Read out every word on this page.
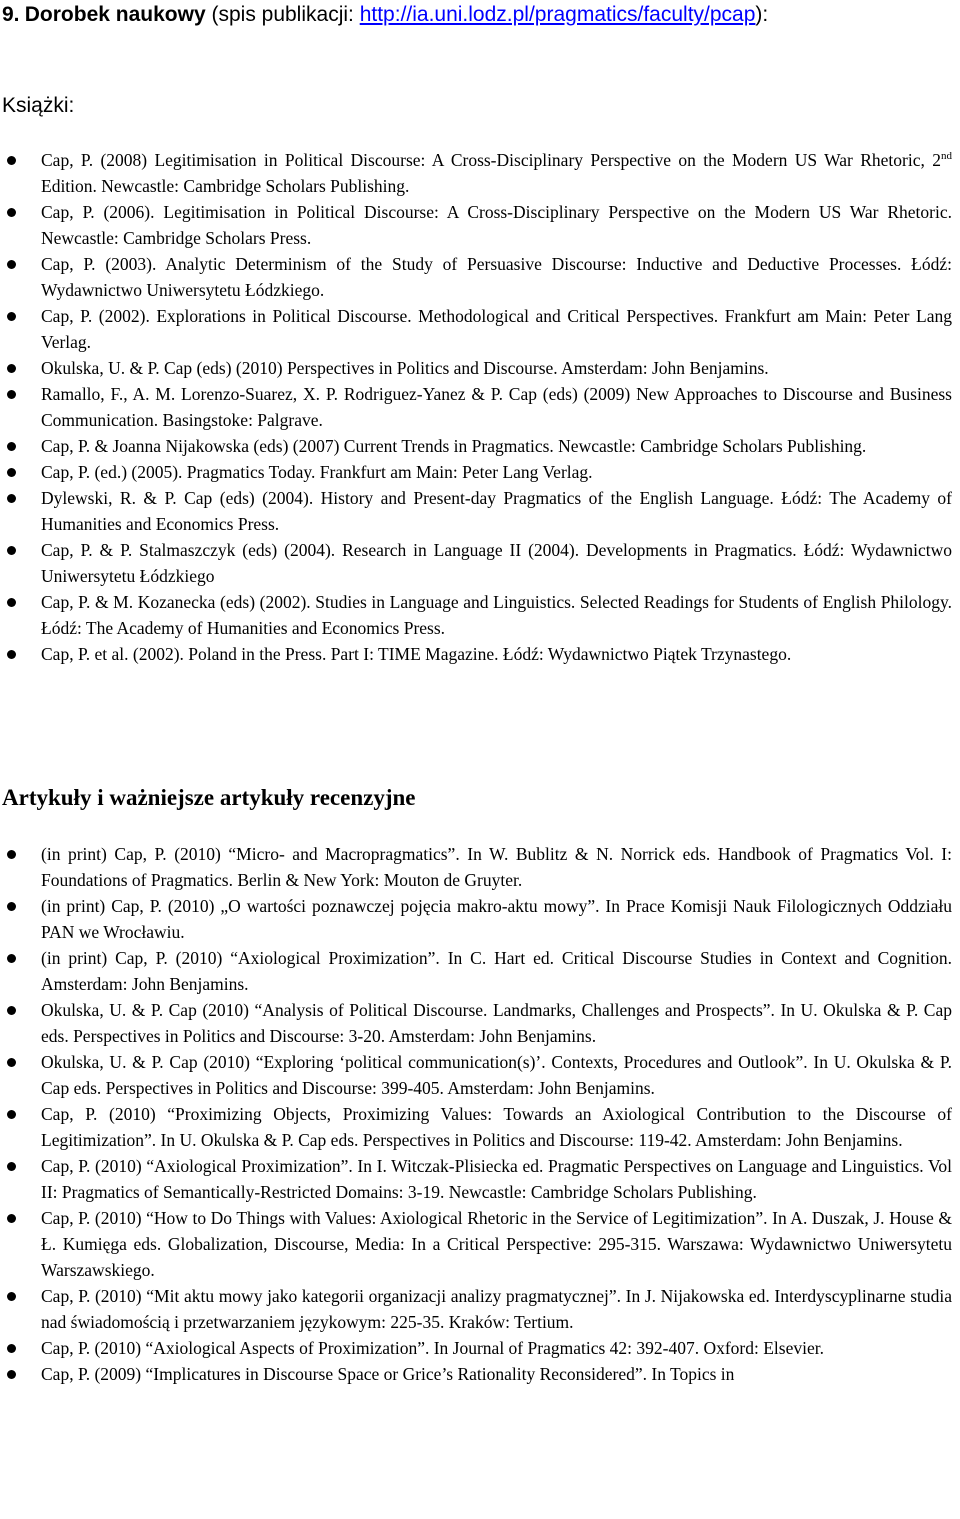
9. Dorobek naukowy (spis publikacji: http://ia.uni.lodz.pl/pragmatics/faculty/pcap):
Książki:
Cap, P. (2008) Legitimisation in Political Discourse: A Cross-Disciplinary Perspective on the Modern US War Rhetoric, 2nd Edition. Newcastle: Cambridge Scholars Publishing.
Cap, P. (2006). Legitimisation in Political Discourse: A Cross-Disciplinary Perspective on the Modern US War Rhetoric. Newcastle: Cambridge Scholars Press.
Cap, P. (2003). Analytic Determinism of the Study of Persuasive Discourse: Inductive and Deductive Processes. Łódź: Wydawnictwo Uniwersytetu Łódzkiego.
Cap, P. (2002). Explorations in Political Discourse. Methodological and Critical Perspectives. Frankfurt am Main: Peter Lang Verlag.
Okulska, U. & P. Cap (eds) (2010) Perspectives in Politics and Discourse. Amsterdam: John Benjamins.
Ramallo, F., A. M. Lorenzo-Suarez, X. P. Rodriguez-Yanez & P. Cap (eds) (2009) New Approaches to Discourse and Business Communication. Basingstoke: Palgrave.
Cap, P. & Joanna Nijakowska (eds) (2007) Current Trends in Pragmatics. Newcastle: Cambridge Scholars Publishing.
Cap, P. (ed.) (2005). Pragmatics Today. Frankfurt am Main: Peter Lang Verlag.
Dylewski, R. & P. Cap (eds) (2004). History and Present-day Pragmatics of the English Language. Łódź: The Academy of Humanities and Economics Press.
Cap, P. & P. Stalmaszczyk (eds) (2004). Research in Language II (2004). Developments in Pragmatics. Łódź: Wydawnictwo Uniwersytetu Łódzkiego
Cap, P. & M. Kozanecka (eds) (2002). Studies in Language and Linguistics. Selected Readings for Students of English Philology. Łódź: The Academy of Humanities and Economics Press.
Cap, P. et al. (2002). Poland in the Press. Part I: TIME Magazine. Łódź: Wydawnictwo Piątek Trzynastego.
Artykuły i ważniejsze artykuły recenzyjne
(in print) Cap, P. (2010) “Micro- and Macropragmatics”. In W. Bublitz & N. Norrick eds. Handbook of Pragmatics Vol. I: Foundations of Pragmatics. Berlin & New York: Mouton de Gruyter.
(in print) Cap, P. (2010) „O wartości poznawczej pojęcia makro-aktu mowy”. In Prace Komisji Nauk Filologicznych Oddziału PAN we Wrocławiu.
(in print) Cap, P. (2010) “Axiological Proximization”. In C. Hart ed. Critical Discourse Studies in Context and Cognition. Amsterdam: John Benjamins.
Okulska, U. & P. Cap (2010) “Analysis of Political Discourse. Landmarks, Challenges and Prospects”. In U. Okulska & P. Cap eds. Perspectives in Politics and Discourse: 3-20. Amsterdam: John Benjamins.
Okulska, U. & P. Cap (2010) “Exploring ‘political communication(s)’. Contexts, Procedures and Outlook”. In U. Okulska & P. Cap eds. Perspectives in Politics and Discourse: 399-405. Amsterdam: John Benjamins.
Cap, P. (2010) “Proximizing Objects, Proximizing Values: Towards an Axiological Contribution to the Discourse of Legitimization”. In U. Okulska & P. Cap eds. Perspectives in Politics and Discourse: 119-42. Amsterdam: John Benjamins.
Cap, P. (2010) “Axiological Proximization”. In I. Witczak-Plisiecka ed. Pragmatic Perspectives on Language and Linguistics. Vol II: Pragmatics of Semantically-Restricted Domains: 3-19. Newcastle: Cambridge Scholars Publishing.
Cap, P. (2010) “How to Do Things with Values: Axiological Rhetoric in the Service of Legitimization”. In A. Duszak, J. House & Ł. Kumięga eds. Globalization, Discourse, Media: In a Critical Perspective: 295-315. Warszawa: Wydawnictwo Uniwersytetu Warszawskiego.
Cap, P. (2010) “Mit aktu mowy jako kategorii organizacji analizy pragmatycznej”. In J. Nijakowska ed. Interdyscyplinarne studia nad świadomością i przetwarzaniem językowym: 225-35. Kraków: Tertium.
Cap, P. (2010) “Axiological Aspects of Proximization”. In Journal of Pragmatics 42: 392-407. Oxford: Elsevier.
Cap, P. (2009) “Implicatures in Discourse Space or Grice’s Rationality Reconsidered”. In Topics in
